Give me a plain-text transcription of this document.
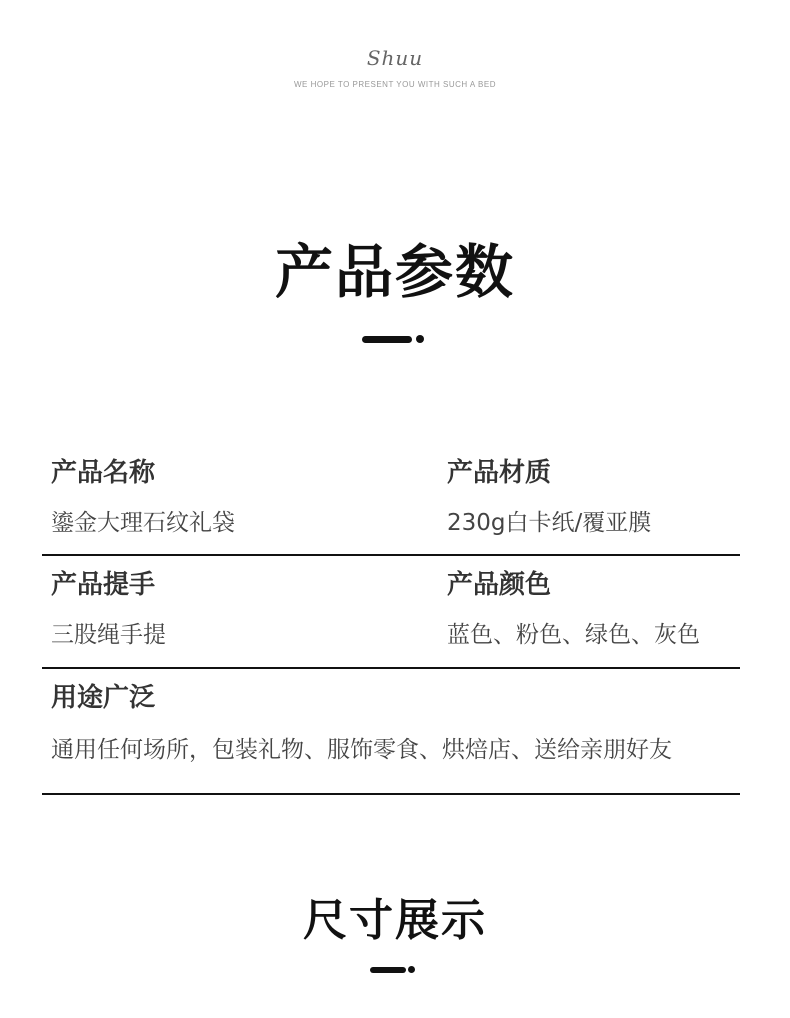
Shuu
WE HOPE TO PRESENT YOU WITH SUCH A BED
产品参数
产品名称
鎏金大理石纹礼袋
产品材质
230g白卡纸/覆亚膜
产品提手
三股绳手提
产品颜色
蓝色、粉色、绿色、灰色
用途广泛
通用任何场所，包装礼物、服饰零食、烘焙店、送给亲朋好友
尺寸展示
